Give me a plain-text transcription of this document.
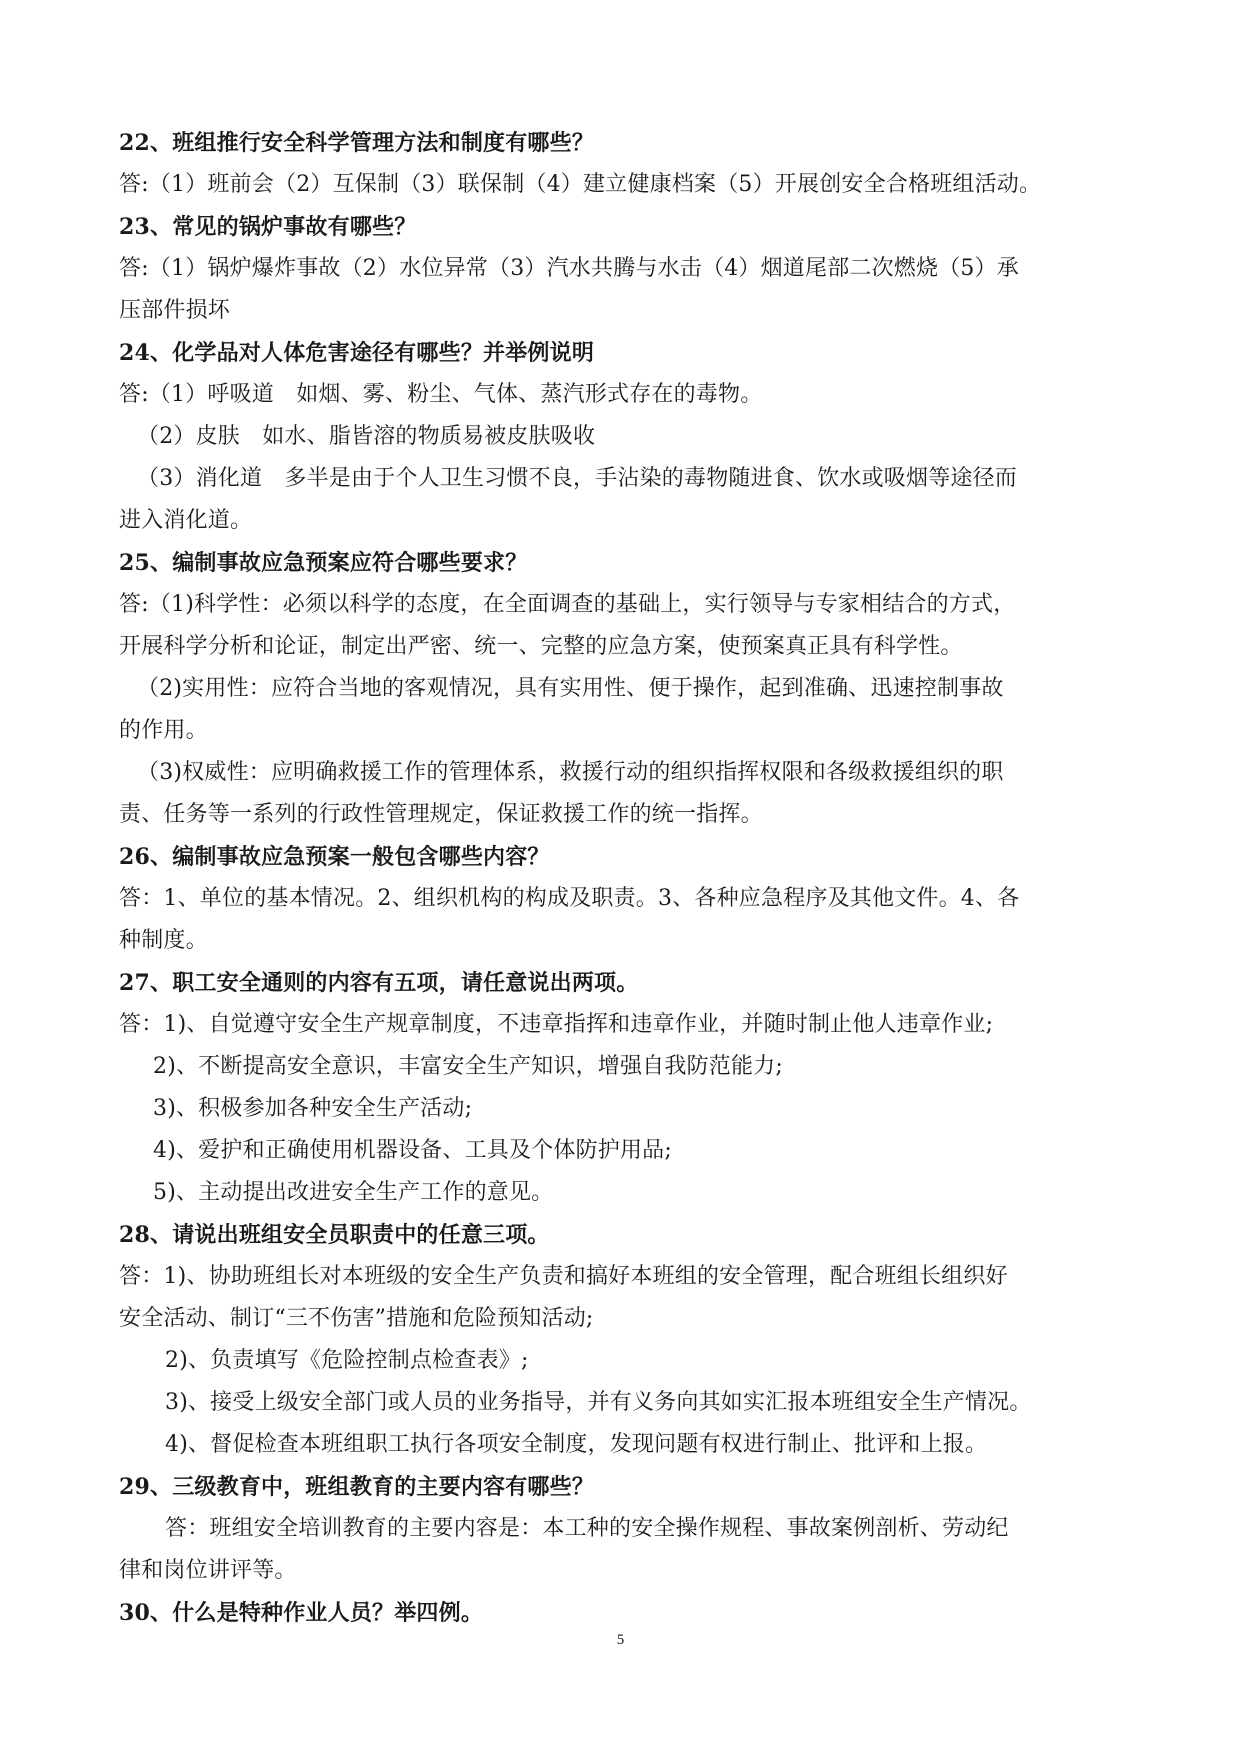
22、班组推行安全科学管理方法和制度有哪些？
答:（1）班前会（2）互保制（3）联保制（4）建立健康档案（5）开展创安全合格班组活动。
23、常见的锅炉事故有哪些？
答:（1）锅炉爆炸事故（2）水位异常（3）汽水共腾与水击（4）烟道尾部二次燃烧（5）承
压部件损坏
24、化学品对人体危害途径有哪些？并举例说明
答:（1）呼吸道　如烟、雾、粉尘、气体、蒸汽形式存在的毒物。
（2）皮肤　如水、脂皆溶的物质易被皮肤吸收
（3）消化道　多半是由于个人卫生习惯不良，手沾染的毒物随进食、饮水或吸烟等途径而
进入消化道。
25、编制事故应急预案应符合哪些要求？
答:（1)科学性：必须以科学的态度，在全面调查的基础上，实行领导与专家相结合的方式，
开展科学分析和论证，制定出严密、统一、完整的应急方案，使预案真正具有科学性。
（2)实用性：应符合当地的客观情况，具有实用性、便于操作，起到准确、迅速控制事故
的作用。
（3)权威性：应明确救援工作的管理体系，救援行动的组织指挥权限和各级救援组织的职
责、任务等一系列的行政性管理规定，保证救援工作的统一指挥。
26、编制事故应急预案一般包含哪些内容？
答：1、单位的基本情况。2、组织机构的构成及职责。3、各种应急程序及其他文件。4、各
种制度。
27、职工安全通则的内容有五项，请任意说出两项。
答：1)、自觉遵守安全生产规章制度，不违章指挥和违章作业，并随时制止他人违章作业;
2)、不断提高安全意识，丰富安全生产知识，增强自我防范能力;
3)、积极参加各种安全生产活动;
4)、爱护和正确使用机器设备、工具及个体防护用品;
5)、主动提出改进安全生产工作的意见。
28、请说出班组安全员职责中的任意三项。
答：1)、协助班组长对本班级的安全生产负责和搞好本班组的安全管理，配合班组长组织好
安全活动、制订“三不伤害”措施和危险预知活动;
2)、负责填写《危险控制点检查表》;
3)、接受上级安全部门或人员的业务指导，并有义务向其如实汇报本班组安全生产情况。
4)、督促检查本班组职工执行各项安全制度，发现问题有权进行制止、批评和上报。
29、三级教育中，班组教育的主要内容有哪些？
答：班组安全培训教育的主要内容是：本工种的安全操作规程、事故案例剖析、劳动纪
律和岗位讲评等。
30、什么是特种作业人员？举四例。
5
